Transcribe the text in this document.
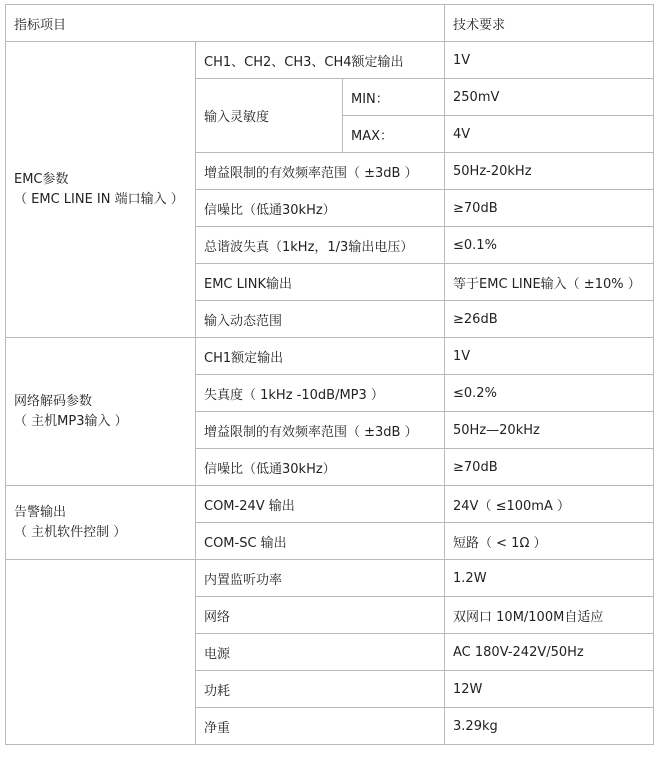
指标项目			技术要求

EMC参数
（ EMC LINE IN 端口输入 ）	CH1、CH2、CH3、CH4额定输出		1V
	输入灵敏度	MIN：	250mV
		MAX：	4V
	增益限制的有效频率范围（ ±3dB ）		50Hz-20kHz
	信噪比（低通30kHz）		≥70dB
	总谐波失真（1kHz，1/3输出电压）		≤0.1%
	EMC LINK输出		等于EMC LINE输入（ ±10% ）
	输入动态范围		≥26dB

网络解码参数
（ 主机MP3输入 ）	CH1额定输出		1V
	失真度（ 1kHz -10dB/MP3 ）		≤0.2%
	增益限制的有效频率范围（ ±3dB ）		50Hz—20kHz
	信噪比（低通30kHz）		≥70dB

告警输出
（ 主机软件控制 ）	COM-24V 输出		24V（ ≤100mA ）
	COM-SC 输出		短路（ < 1Ω ）
	内置监听功率		1.2W
	网络		双网口 10M/100M自适应
	电源		AC 180V-242V/50Hz
	功耗		12W
	净重		3.29kg
